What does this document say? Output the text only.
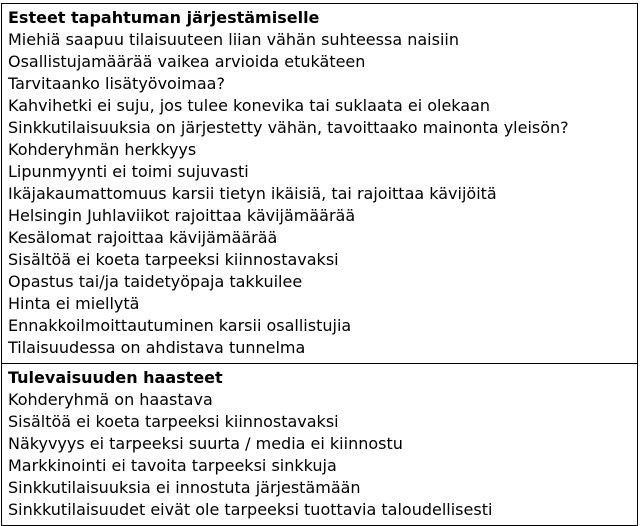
Esteet tapahtuman järjestämiselle
Miehiä saapuu tilaisuuteen liian vähän suhteessa naisiin
Osallistujamäärää vaikea arvioida etukäteen
Tarvitaanko lisätyövoimaa?
Kahvihetki ei suju, jos tulee konevika tai suklaata ei olekaan
Sinkkutilaisuuksia on järjestetty vähän, tavoittaako mainonta yleisön?
Kohderyhmän herkkyys
Lipunmyynti ei toimi sujuvasti
Ikäjakaumattomuus karsii tietyn ikäisiä, tai rajoittaa kävijöitä
Helsingin Juhlaviikot rajoittaa kävijämäärää
Kesälomat rajoittaa kävijämäärää
Sisältöä ei koeta tarpeeksi kiinnostavaksi
Opastus tai/ja taidetyöpaja takkuilee
Hinta ei miellytä
Ennakkoilmoittautuminen karsii osallistujia
Tilaisuudessa on ahdistava tunnelma

Tulevaisuuden haasteet
Kohderyhmä on haastava
Sisältöä ei koeta tarpeeksi kiinnostavaksi
Näkyvyys ei tarpeeksi suurta / media ei kiinnostu
Markkinointi ei tavoita tarpeeksi sinkkuja
Sinkkutilaisuuksia ei innostuta järjestämään
Sinkkutilaisuudet eivät ole tarpeeksi tuottavia taloudellisesti
